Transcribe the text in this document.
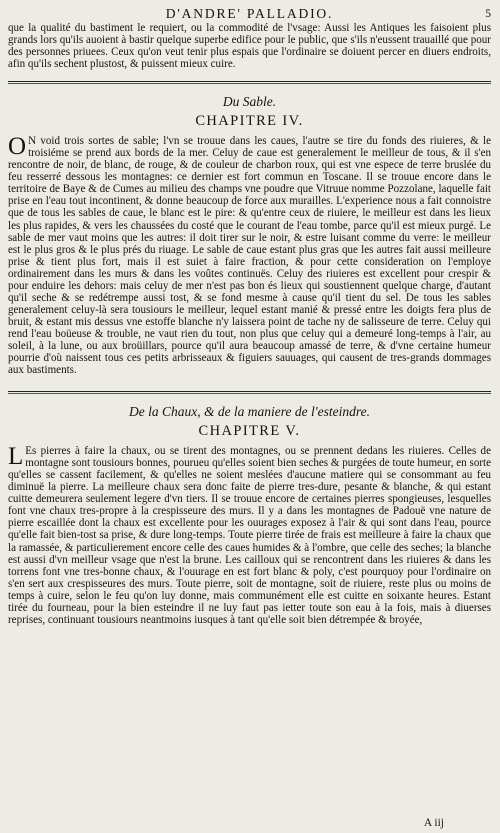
D'ANDRE' PALLADIO.	5

que la qualité du bastiment le requiert, ou la commodité de l'vsage: Aussi les Antiques les faisoient plus grands lors qu'ils auoient à bastir quelque superbe edifice pour le public, que s'ils n'eussent trauaillé que pour des personnes priuees. Ceux qu'on veut tenir plus espais que l'ordinaire se doiuent percer en diuers endroits, afin qu'ils sechent plustost, & puissent mieux cuire.

Du Sable.
CHAPITRE IV.

O N void trois sortes de sable; l'vn se trouue dans les caues, l'autre se tire du fonds des riuieres, & le troisiéme se prend aux bords de la mer. Celuy de caue est generalement le meilleur de tous, & il s'en rencontre de noir, de blanc, de rouge, & de couleur de charbon roux, qui est vne espece de terre bruslée du feu resserré dessous les montagnes: ce dernier est fort commun en Toscane. Il se trouue encore dans le territoire de Baye & de Cumes au milieu des champs vne poudre que Vitruue nomme Pozzolane, laquelle fait prise en l'eau tout incontinent, & donne beaucoup de force aux murailles. L'experience nous a fait connoistre que de tous les sables de caue, le blanc est le pire: & qu'entre ceux de riuiere, le meilleur est dans les lieux les plus rapides, & vers les chaussées du costé que le courant de l'eau tombe, parce qu'il est mieux purgé. Le sable de mer vaut moins que les autres: il doit tirer sur le noir, & estre luisant comme du verre: le meilleur est le plus gros & le plus prés du riuage. Le sable de caue estant plus gras que les autres fait aussi meilleure prise & tient plus fort, mais il est suiet à faire fraction, & pour cette consideration on l'employe ordinairement dans les murs & dans les voûtes continuës. Celuy des riuieres est excellent pour crespir & pour enduire les dehors: mais celuy de mer n'est pas bon és lieux qui soustiennent quelque charge, d'autant qu'il seche & se redétrempe aussi tost, & se fond mesme à cause qu'il tient du sel. De tous les sables generalement celuy-là sera tousiours le meilleur, lequel estant manié & pressé entre les doigts fera plus de bruit, & estant mis dessus vne estoffe blanche n'y laissera point de tache ny de salisseure de terre. Celuy qui rend l'eau boüeuse & trouble, ne vaut rien du tout, non plus que celuy qui a demeuré long-temps à l'air, au soleil, à la lune, ou aux broüillars, pource qu'il aura beaucoup amassé de terre, & d'vne certaine humeur pourrie d'où naissent tous ces petits arbrisseaux & figuiers sauuages, qui causent de tres-grands dommages aux bastiments.

De la Chaux, & de la maniere de l'esteindre.
CHAPITRE V.

L Es pierres à faire la chaux, ou se tirent des montagnes, ou se prennent dedans les riuieres. Celles de montagne sont tousiours bonnes, pourueu qu'elles soient bien seches & purgées de toute humeur, en sorte qu'elles se cassent facilement, & qu'elles ne soient meslées d'aucune matiere qui se consommant au feu diminuë la pierre. La meilleure chaux sera donc faite de pierre tres-dure, pesante & blanche, & qui estant cuitte demeurera seulement legere d'vn tiers. Il se trouue encore de certaines pierres spongieuses, lesquelles font vne chaux tres-propre à la crespisseure des murs. Il y a dans les montagnes de Padouë vne nature de pierre escaillée dont la chaux est excellente pour les ouurages exposez à l'air & qui sont dans l'eau, pource qu'elle fait bien-tost sa prise, & dure long-temps. Toute pierre tirée de frais est meilleure à faire la chaux que la ramassée, & particulierement encore celle des caues humides & à l'ombre, que celle des seches; la blanche est aussi d'vn meilleur vsage que n'est la brune. Les cailloux qui se rencontrent dans les riuieres & dans les torrens font vne tres-bonne chaux, & l'ouurage en est fort blanc & poly, c'est pourquoy pour l'ordinaire on s'en sert aux crespisseures des murs. Toute pierre, soit de montagne, soit de riuiere, reste plus ou moins de temps à cuire, selon le feu qu'on luy donne, mais communément elle est cuitte en soixante heures. Estant tirée du fourneau, pour la bien esteindre il ne luy faut pas ietter toute son eau à la fois, mais à diuerses reprises, continuant tousiours neantmoins iusques à tant qu'elle soit bien détrempée & broyée,

A iij
